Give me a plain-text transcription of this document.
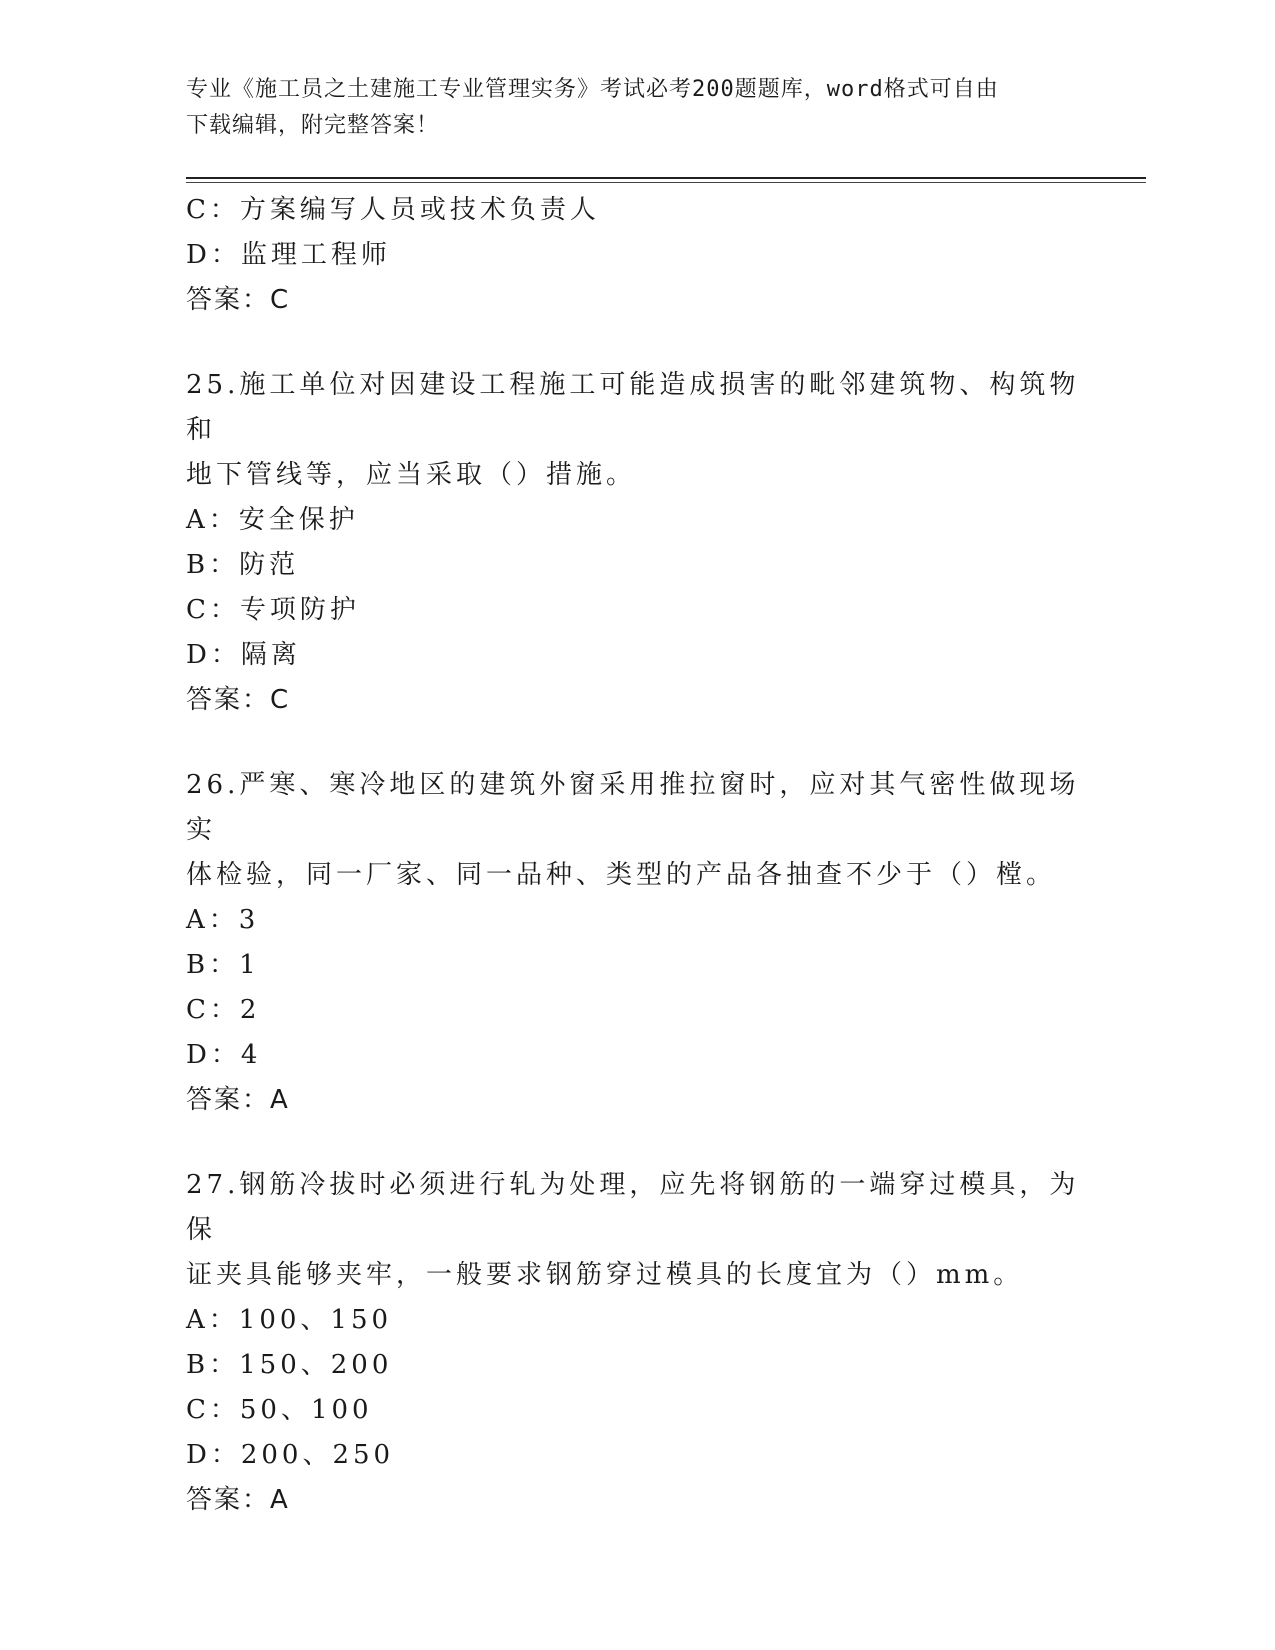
专业《施工员之土建施工专业管理实务》考试必考200题题库，word格式可自由
下载编辑，附完整答案！
C：方案编写人员或技术负责人
D：监理工程师
答案：C
25.施工单位对因建设工程施工可能造成损害的毗邻建筑物、构筑物和
地下管线等，应当采取（）措施。
A：安全保护
B：防范
C：专项防护
D：隔离
答案：C
26.严寒、寒冷地区的建筑外窗采用推拉窗时，应对其气密性做现场实
体检验，同一厂家、同一品种、类型的产品各抽查不少于（）樘。
A：3
B：1
C：2
D：4
答案：A
27.钢筋冷拔时必须进行轧为处理，应先将钢筋的一端穿过模具，为保
证夹具能够夹牢，一般要求钢筋穿过模具的长度宜为（）mm。
A：100、150
B：150、200
C：50、100
D：200、250
答案：A
